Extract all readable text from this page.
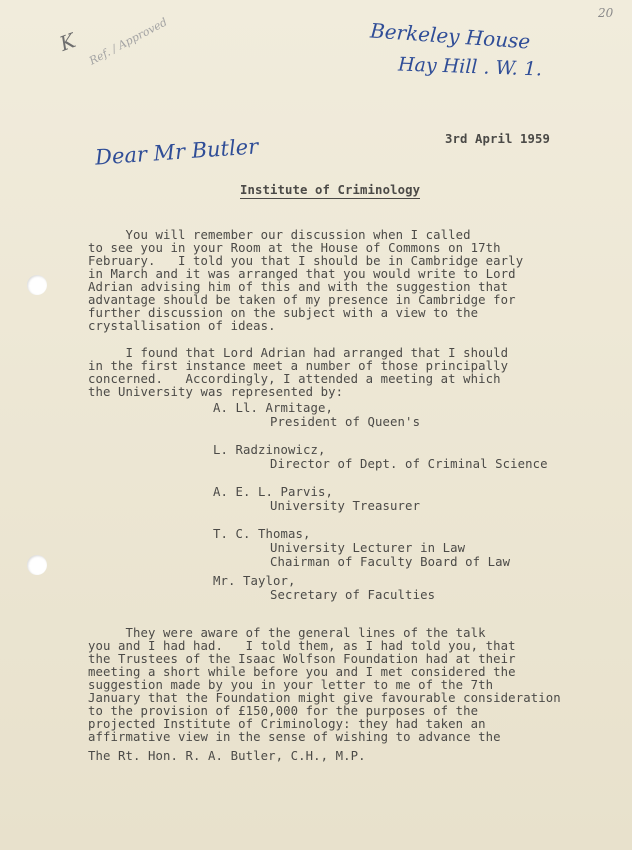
20
K Ref. / Approved	Berkeley House
Hay Hill . W. 1.
3rd April 1959
Dear Mr Butler
Institute of Criminology

You will remember our discussion when I called
to see you in your Room at the House of Commons on 17th
February.   I told you that I should be in Cambridge early
in March and it was arranged that you would write to Lord
Adrian advising him of this and with the suggestion that
advantage should be taken of my presence in Cambridge for
further discussion on the subject with a view to the
crystallisation of ideas.

I found that Lord Adrian had arranged that I should
in the first instance meet a number of those principally
concerned.   Accordingly, I attended a meeting at which
the University was represented by:

A. Ll. Armitage,
President of Queen's
L. Radzinowicz,
Director of Dept. of Criminal Science
A. E. L. Parvis,
University Treasurer
T. C. Thomas,
University Lecturer in Law
Chairman of Faculty Board of Law
Mr. Taylor,
Secretary of Faculties

They were aware of the general lines of the talk
you and I had had.   I told them, as I had told you, that
the Trustees of the Isaac Wolfson Foundation had at their
meeting a short while before you and I met considered the
suggestion made by you in your letter to me of the 7th
January that the Foundation might give favourable consideration
to the provision of £150,000 for the purposes of the
projected Institute of Criminology: they had taken an
affirmative view in the sense of wishing to advance the

The Rt. Hon. R. A. Butler, C.H., M.P.
